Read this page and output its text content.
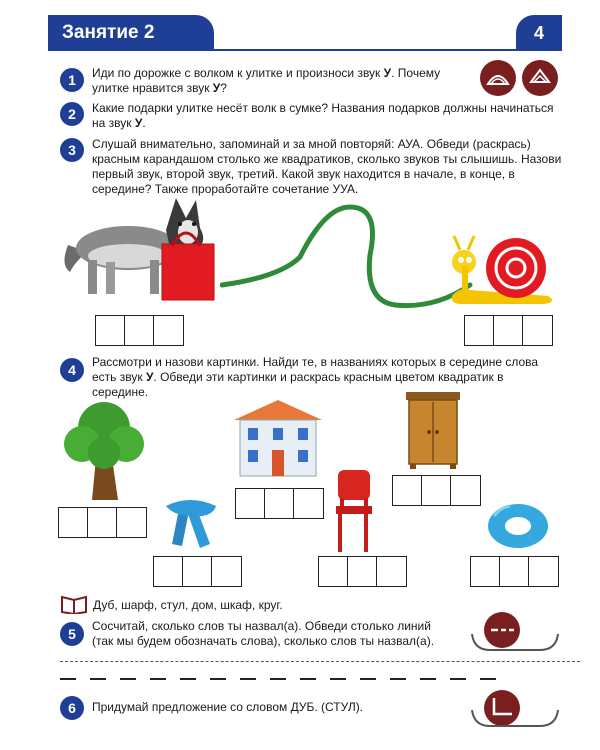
Занятие 2	4
1	Иди по дорожке с волком к улитке и произноси звук У. Почему улитке нравится звук У?
2	Какие подарки улитке несёт волк в сумке? Названия подарков должны начинаться на звук У.
3	Слушай внимательно, запоминай и за мной повторяй: АУА. Обведи (раскрась) красным карандашом столько же квадратиков, сколько звуков ты слышишь. Назови первый звук, второй звук, третий. Какой звук находится в начале, в конце, в середине? Также проработайте сочетание УУА.
4	Рассмотри и назови картинки. Найди те, в названиях которых в середине слова есть звук У. Обведи эти картинки и раскрась красным цветом квадратик в середине.
Дуб, шарф, стул, дом, шкаф, круг.
5	Сосчитай, сколько слов ты назвал(а). Обведи столько линий (так мы будем обозначать слова), сколько слов ты назвал(а).
6	Придумай предложение со словом ДУБ. (СТУЛ).
